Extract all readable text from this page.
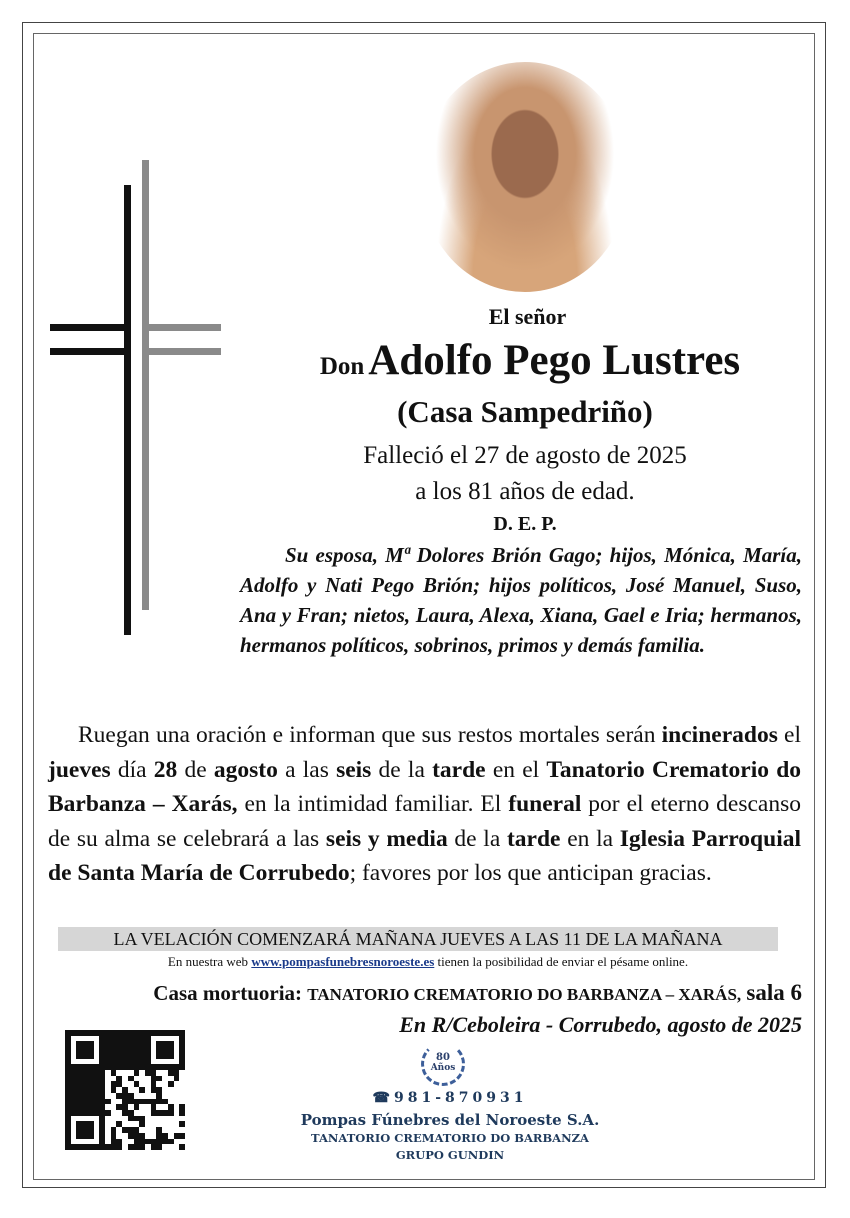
El señor
Don Adolfo Pego Lustres
(Casa Sampedriño)
Falleció el 27 de agosto de 2025
a los 81 años de edad.
D. E. P.
Su esposa, Mª Dolores Brión Gago; hijos, Mónica, María, Adolfo y Nati Pego Brión; hijos políticos, José Manuel, Suso, Ana y Fran; nietos, Laura, Alexa, Xiana, Gael e Iria; hermanos, hermanos políticos, sobrinos, primos y demás familia.
Ruegan una oración e informan que sus restos mortales serán incinerados el jueves día 28 de agosto a las seis de la tarde en el Tanatorio Crematorio do Barbanza – Xarás, en la intimidad familiar. El funeral por el eterno descanso de su alma se celebrará a las seis y media de la tarde en la Iglesia Parroquial de Santa María de Corrubedo; favores por los que anticipan gracias.
LA VELACIÓN COMENZARÁ MAÑANA JUEVES A LAS 11 DE LA MAÑANA
En nuestra web www.pompasfunebresnoroeste.es tienen la posibilidad de enviar el pésame online.
Casa mortuoria: TANATORIO CREMATORIO DO BARBANZA – XARÁS, sala 6
En R/Ceboleira - Corrubedo, agosto de 2025
80
Años
☎981-870931
Pompas Fúnebres del Noroeste S.A.
TANATORIO CREMATORIO DO BARBANZA
GRUPO GUNDIN
